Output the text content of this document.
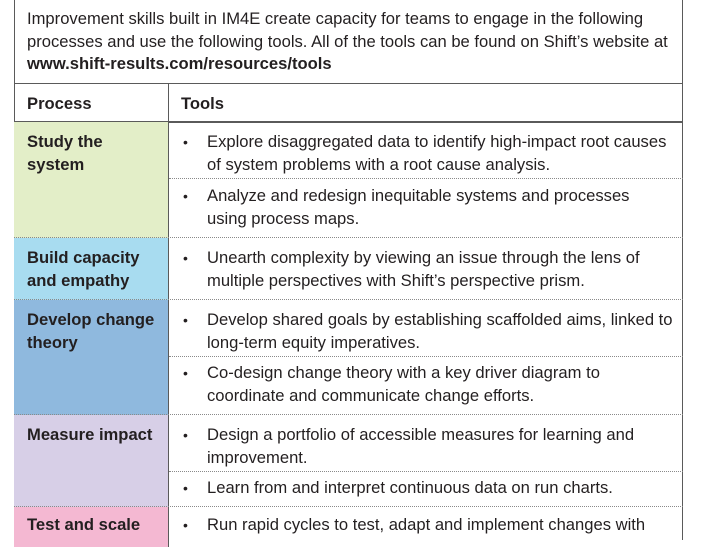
Improvement skills built in IM4E create capacity for teams to engage in the following processes and use the following tools. All of the tools can be found on Shift’s website at www.shift-results.com/resources/tools
Process	Tools
Study the system
• Explore disaggregated data to identify high-impact root causes of system problems with a root cause analysis.
• Analyze and redesign inequitable systems and processes using process maps.
Build capacity and empathy
• Unearth complexity by viewing an issue through the lens of multiple perspectives with Shift’s perspective prism.
Develop change theory
• Develop shared goals by establishing scaffolded aims, linked to long-term equity imperatives.
• Co-design change theory with a key driver diagram to coordinate and communicate change efforts.
Measure impact	• Design a portfolio of accessible measures for learning and improvement.
• Learn from and interpret continuous data on run charts.
Test and scale	• Run rapid cycles to test, adapt and implement changes with
